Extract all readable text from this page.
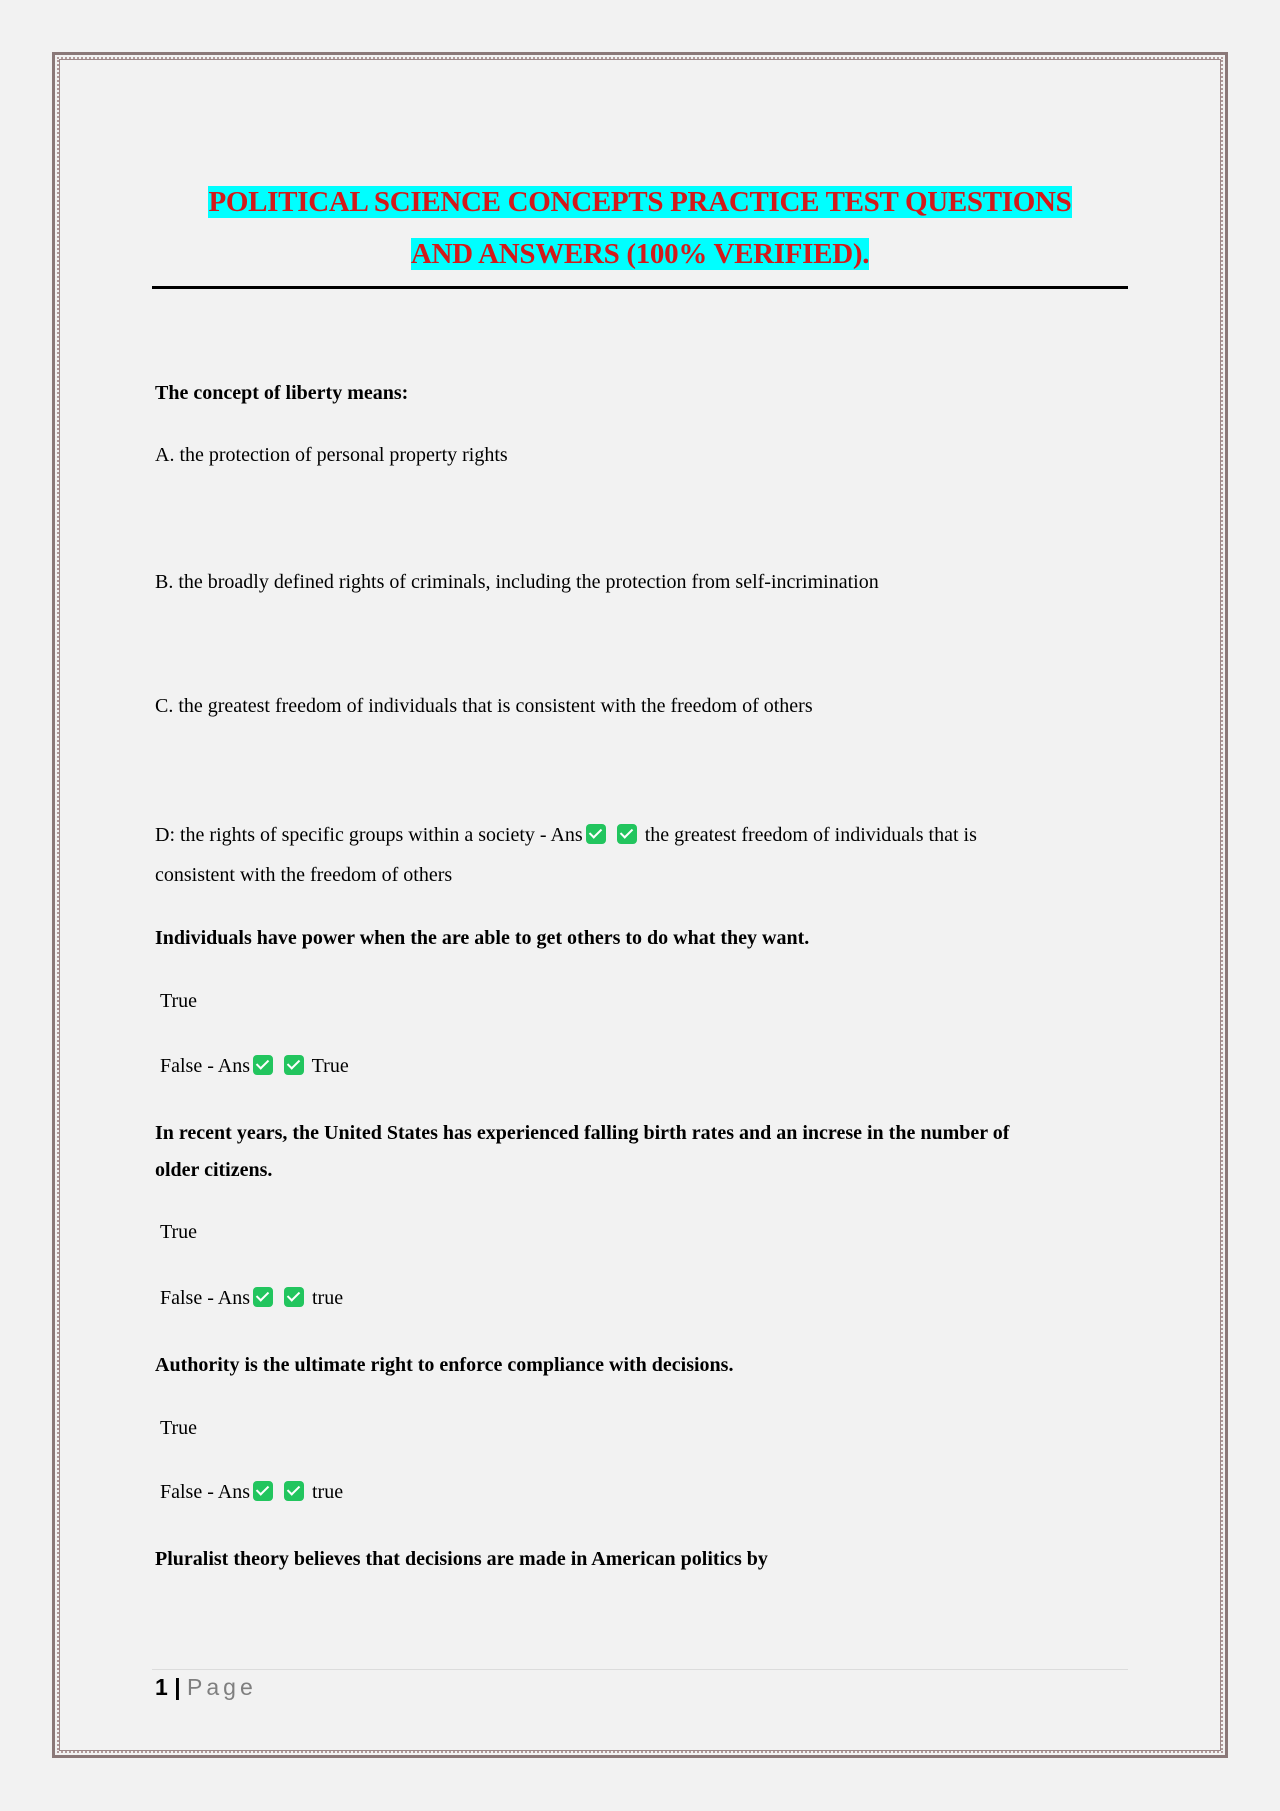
POLITICAL SCIENCE CONCEPTS PRACTICE TEST QUESTIONS
AND ANSWERS (100% VERIFIED).
The concept of liberty means:
A. the protection of personal property rights
B. the broadly defined rights of criminals, including the protection from self-incrimination
C. the greatest freedom of individuals that is consistent with the freedom of others
D: the rights of specific groups within a society - Ans	the greatest freedom of individuals that is
consistent with the freedom of others
Individuals have power when the are able to get others to do what they want.
True
False - Ans	True
In recent years, the United States has experienced falling birth rates and an increse in the number of
older citizens.
True
False - Ans	true
Authority is the ultimate right to enforce compliance with decisions.
True
False - Ans	true
Pluralist theory believes that decisions are made in American politics by
1 | Page
